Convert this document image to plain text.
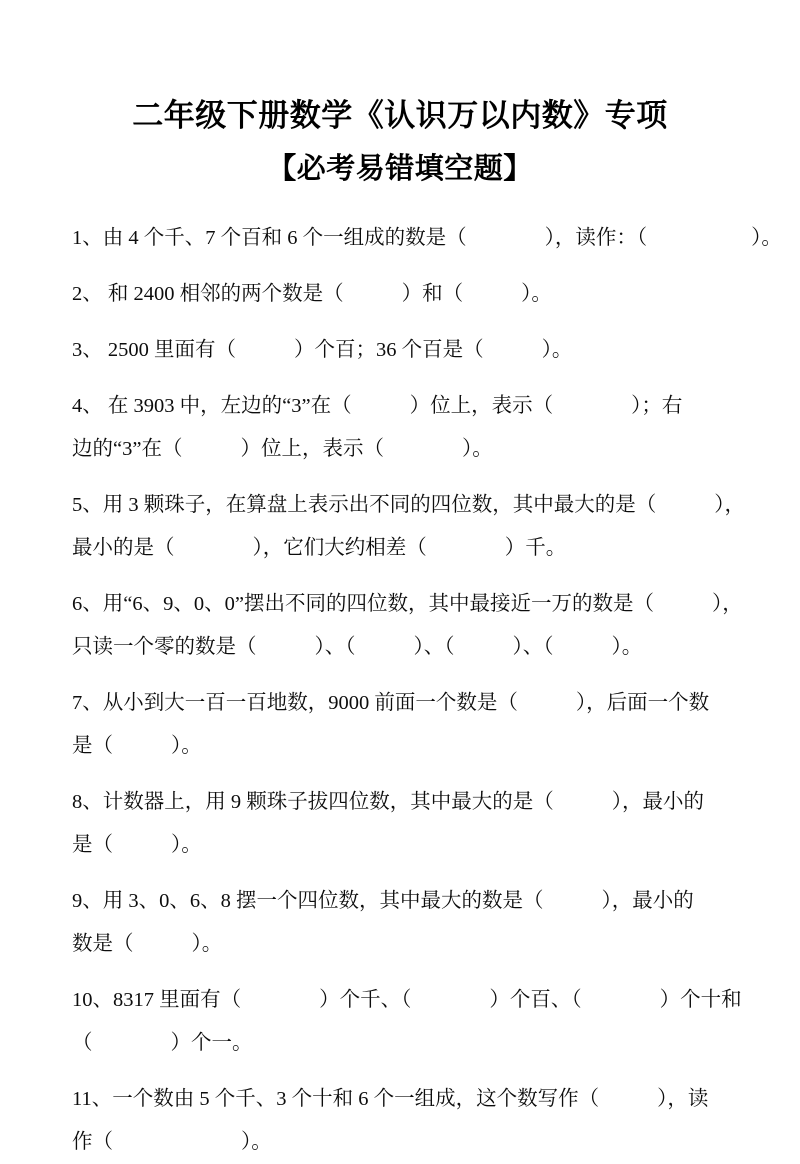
二年级下册数学《认识万以内数》专项
【必考易错填空题】
1、由 4 个千、7 个百和 6 个一组成的数是（	），读作：（	）。
2、 和 2400 相邻的两个数是（	）和（	）。
3、 2500 里面有（	）个百；36 个百是（	）。
4、 在 3903 中，左边的“3”在（	）位上，表示（	）；右
边的“3”在（	）位上，表示（	）。
5、用 3 颗珠子，在算盘上表示出不同的四位数，其中最大的是（	），
最小的是（	），它们大约相差（	）千。
6、用“6、9、0、0”摆出不同的四位数，其中最接近一万的数是（	），
只读一个零的数是（	）、（	）、（	）、（	）。
7、从小到大一百一百地数，9000 前面一个数是（	），后面一个数
是（	）。
8、计数器上，用 9 颗珠子拔四位数，其中最大的是（	），最小的
是（	）。
9、用 3、0、6、8 摆一个四位数，其中最大的数是（	），最小的
数是（	）。
10、8317 里面有（	）个千、（	）个百、（	）个十和
（	）个一。
11、一个数由 5 个千、3 个十和 6 个一组成，这个数写作（	），读
作（	）。
